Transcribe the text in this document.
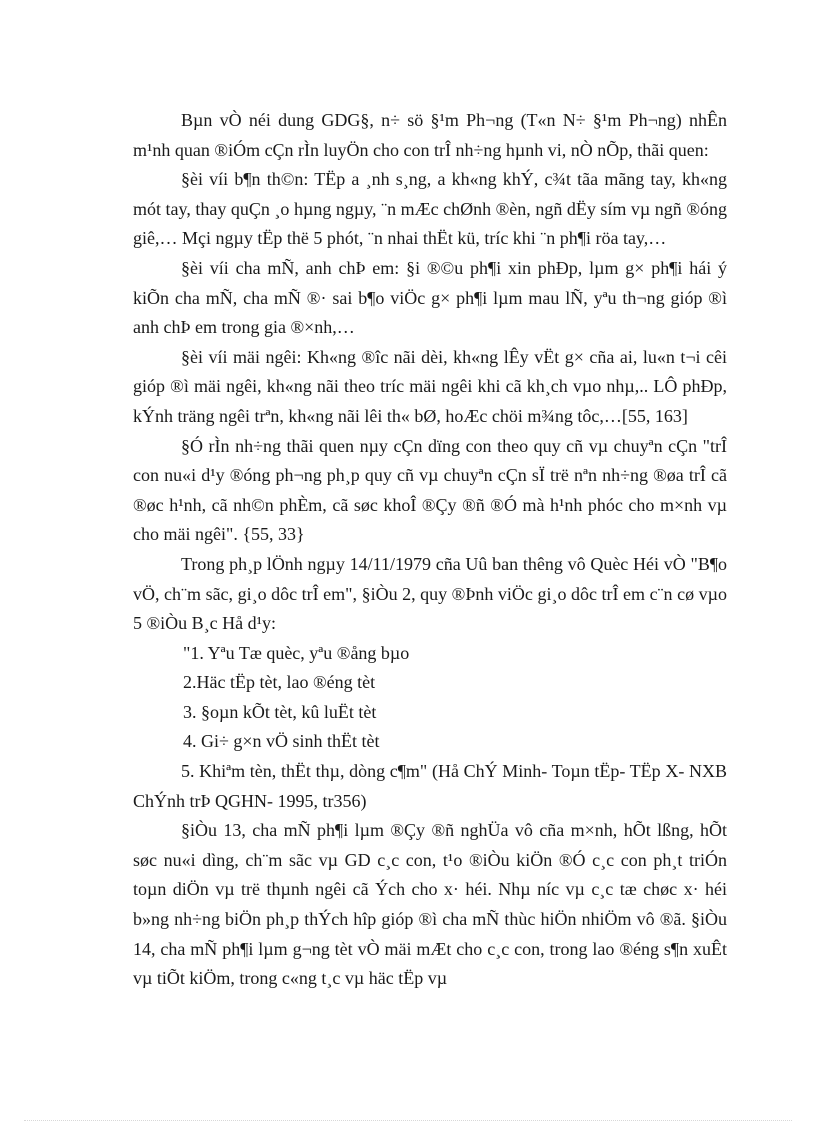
Bµn vÒ néi dung GDG§, n÷ sö §¹m Ph¬ng (T«n N÷ §¹m Ph¬ng) nhÊn m¹nh quan ®iÓm cÇn rÌn luyÖn cho con trÎ nh÷ng hµnh vi, nÒ nÕp, thãi quen:

§èi víi b¶n th©n: TËp a ¸nh s¸ng, a kh«ng khÝ, c¾t tãa mãng tay, kh«ng mót tay, thay quÇn ¸o hµng ngµy, ¨n mÆc chØnh ®èn, ngñ dËy sím vµ ngñ ®óng giê,… Mçi ngµy tËp thë 5 phót, ¨n nhai thËt kü, tríc khi ¨n ph¶i röa tay,…

§èi víi cha mÑ, anh chÞ em: §i ®©u ph¶i xin phÐp, lµm g× ph¶i hái ý kiÕn cha mÑ, cha mÑ ®· sai b¶o viÖc g× ph¶i lµm mau lÑ, yªu th¬ng gióp ®ì anh chÞ em trong gia ®×nh,…

§èi víi mäi ngêi: Kh«ng ®îc nãi dèi, kh«ng lÊy vËt g× cña ai, lu«n t¬i cêi gióp ®ì mäi ngêi, kh«ng nãi theo tríc mäi ngêi khi cã kh¸ch vµo nhµ,.. LÔ phÐp, kÝnh träng ngêi trªn, kh«ng nãi lêi th« bØ, hoÆc chöi m¾ng tôc,…[55, 163]

§Ó rÌn nh÷ng thãi quen nµy cÇn dïng con theo quy cñ vµ chuyªn cÇn "trÎ con nu«i d¹y ®óng ph¬ng ph¸p quy cñ vµ chuyªn cÇn sÏ trë nªn nh÷ng ®øa trÎ cã ®øc h¹nh, cã nh©n phÈm, cã søc khoÎ ®Çy ®ñ ®Ó mà h¹nh phóc cho m×nh vµ cho mäi ngêi". {55, 33}

Trong ph¸p lÖnh ngµy 14/11/1979 cña Uû ban thêng vô Quèc Héi vÒ "B¶o vÖ, ch¨m sãc, gi¸o dôc trÎ em", §iÒu 2, quy ®Þnh viÖc gi¸o dôc trÎ em c¨n cø vµo 5 ®iÒu B¸c Hå d¹y:

"1. Yªu Tæ quèc, yªu ®ång bµo

2.Häc tËp tèt, lao ®éng tèt

3. §oµn kÕt tèt, kû luËt tèt

4. Gi÷ g×n vÖ sinh thËt tèt

5. Khiªm tèn, thËt thµ, dòng c¶m" (Hå ChÝ Minh- Toµn tËp- TËp X- NXB ChÝnh trÞ QGHN- 1995, tr356)

§iÒu 13, cha mÑ ph¶i lµm ®Çy ®ñ nghÜa vô cña m×nh, hÕt lßng, hÕt søc nu«i dìng, ch¨m sãc vµ GD c¸c con, t¹o ®iÒu kiÖn ®Ó c¸c con ph¸t triÓn toµn diÖn vµ trë thµnh ngêi cã Ých cho x· héi. Nhµ níc vµ c¸c tæ chøc x· héi b»ng nh÷ng biÖn ph¸p thÝch hîp gióp ®ì cha mÑ thùc hiÖn nhiÖm vô ®ã. §iÒu 14, cha mÑ ph¶i lµm g¬ng tèt vÒ mäi mÆt cho c¸c con, trong lao ®éng s¶n xuÊt vµ tiÕt kiÖm, trong c«ng t¸c vµ häc tËp vµ
